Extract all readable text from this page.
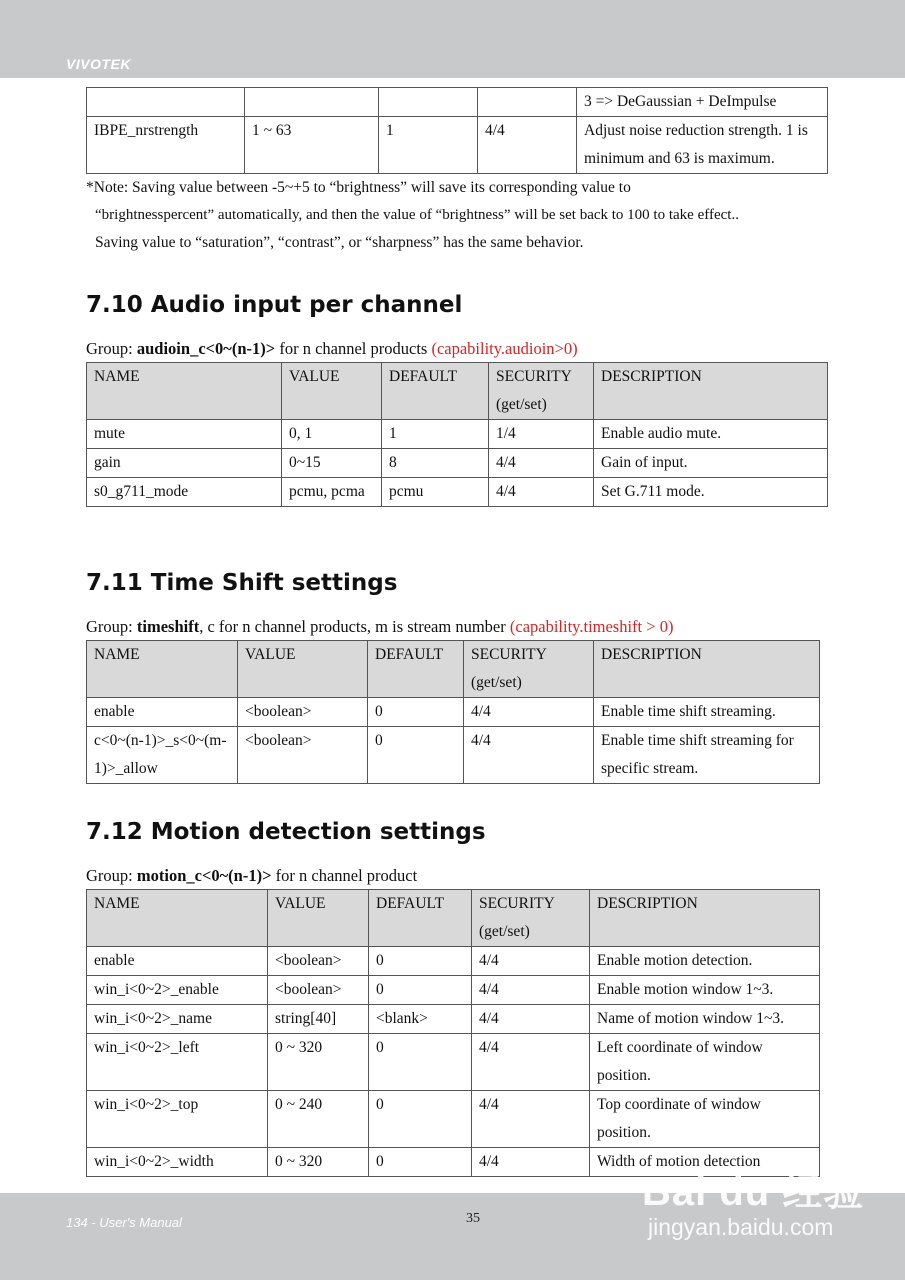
VIVOTEK
				3 => DeGaussian + DeImpulse
IBPE_nrstrength	1 ~ 63	1	4/4	Adjust noise reduction strength. 1 is minimum and 63 is maximum.

*Note: Saving value between -5~+5 to “brightness” will save its corresponding value to

“brightnesspercent” automatically, and then the value of “brightness” will be set back to 100 to take effect..

Saving value to “saturation”, “contrast”, or “sharpness” has the same behavior.

7.10 Audio input per channel
Group: audioin_c<0~(n-1)> for n channel products (capability.audioin>0)
NAME	VALUE	DEFAULT	SECURITY (get/set)	DESCRIPTION
mute	0, 1	1	1/4	Enable audio mute.
gain	0~15	8	4/4	Gain of input.
s0_g711_mode	pcmu, pcma	pcmu	4/4	Set G.711 mode.
7.11 Time Shift settings
Group: timeshift, c for n channel products, m is stream number (capability.timeshift > 0)
NAME	VALUE	DEFAULT	SECURITY (get/set)	DESCRIPTION
enable	<boolean>	0	4/4	Enable time shift streaming.
c<0~(n-1)>_s<0~(m-1)>_allow	<boolean>	0	4/4	Enable time shift streaming for specific stream.
7.12 Motion detection settings
Group: motion_c<0~(n-1)> for n channel product
NAME	VALUE	DEFAULT	SECURITY (get/set)	DESCRIPTION
enable	<boolean>	0	4/4	Enable motion detection.
win_i<0~2>_enable	<boolean>	0	4/4	Enable motion window 1~3.
win_i<0~2>_name	string[40]	<blank>	4/4	Name of motion window 1~3.
win_i<0~2>_left	0 ~ 320	0	4/4	Left coordinate of window position.
win_i<0~2>_top	0 ~ 240	0	4/4	Top coordinate of window position.
win_i<0~2>_width	0 ~ 320	0	4/4	Width of motion detection
134 - User's Manual	35
Bai du 经验
jingyan.baidu.com
